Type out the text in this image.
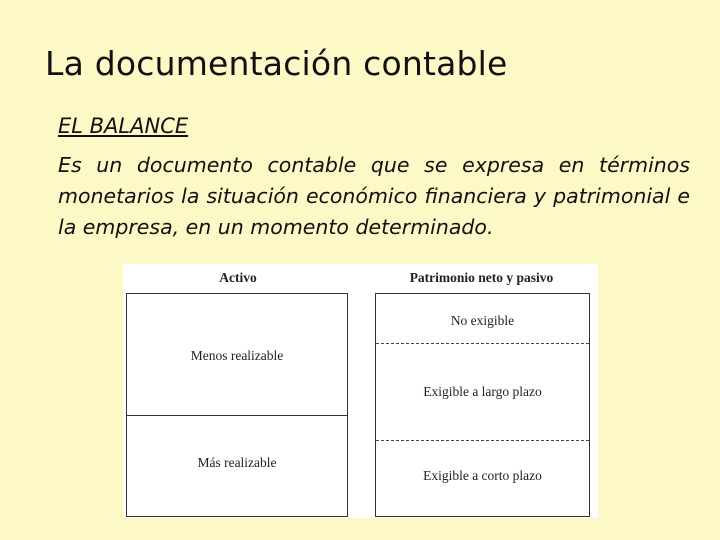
La documentación contable
EL BALANCE
Es un documento contable que se expresa en términos monetarios la situación económico financiera y patrimonial e la empresa, en un momento determinado.
Activo
Menos realizable
Más realizable
Patrimonio neto y pasivo
No exigible
Exigible a largo plazo
Exigible a corto plazo
